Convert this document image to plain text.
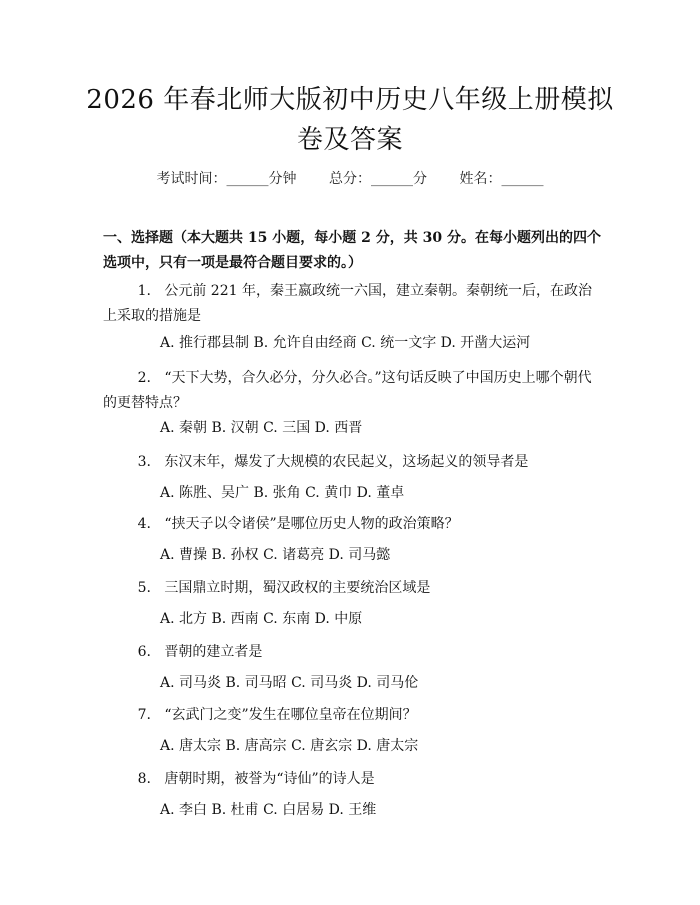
2026 年春北师大版初中历史八年级上册模拟
卷及答案
考试时间：______分钟 总分：______分 姓名：______
一、选择题（本大题共 15 小题，每小题 2 分，共 30 分。在每小题列出的四个选项中，只有一项是最符合题目要求的。）
1. 公元前 221 年，秦王嬴政统一六国，建立秦朝。秦朝统一后，在政治上采取的措施是
A. 推行郡县制 B. 允许自由经商 C. 统一文字 D. 开凿大运河
2. “天下大势，合久必分，分久必合。”这句话反映了中国历史上哪个朝代的更替特点？
A. 秦朝 B. 汉朝 C. 三国 D. 西晋
3. 东汉末年，爆发了大规模的农民起义，这场起义的领导者是
A. 陈胜、吴广 B. 张角 C. 黄巾 D. 董卓
4. “挟天子以令诸侯”是哪位历史人物的政治策略？
A. 曹操 B. 孙权 C. 诸葛亮 D. 司马懿
5. 三国鼎立时期，蜀汉政权的主要统治区域是
A. 北方 B. 西南 C. 东南 D. 中原
6. 晋朝的建立者是
A. 司马炎 B. 司马昭 C. 司马炎 D. 司马伦
7. “玄武门之变”发生在哪位皇帝在位期间？
A. 唐太宗 B. 唐高宗 C. 唐玄宗 D. 唐太宗
8. 唐朝时期，被誉为“诗仙”的诗人是
A. 李白 B. 杜甫 C. 白居易 D. 王维
